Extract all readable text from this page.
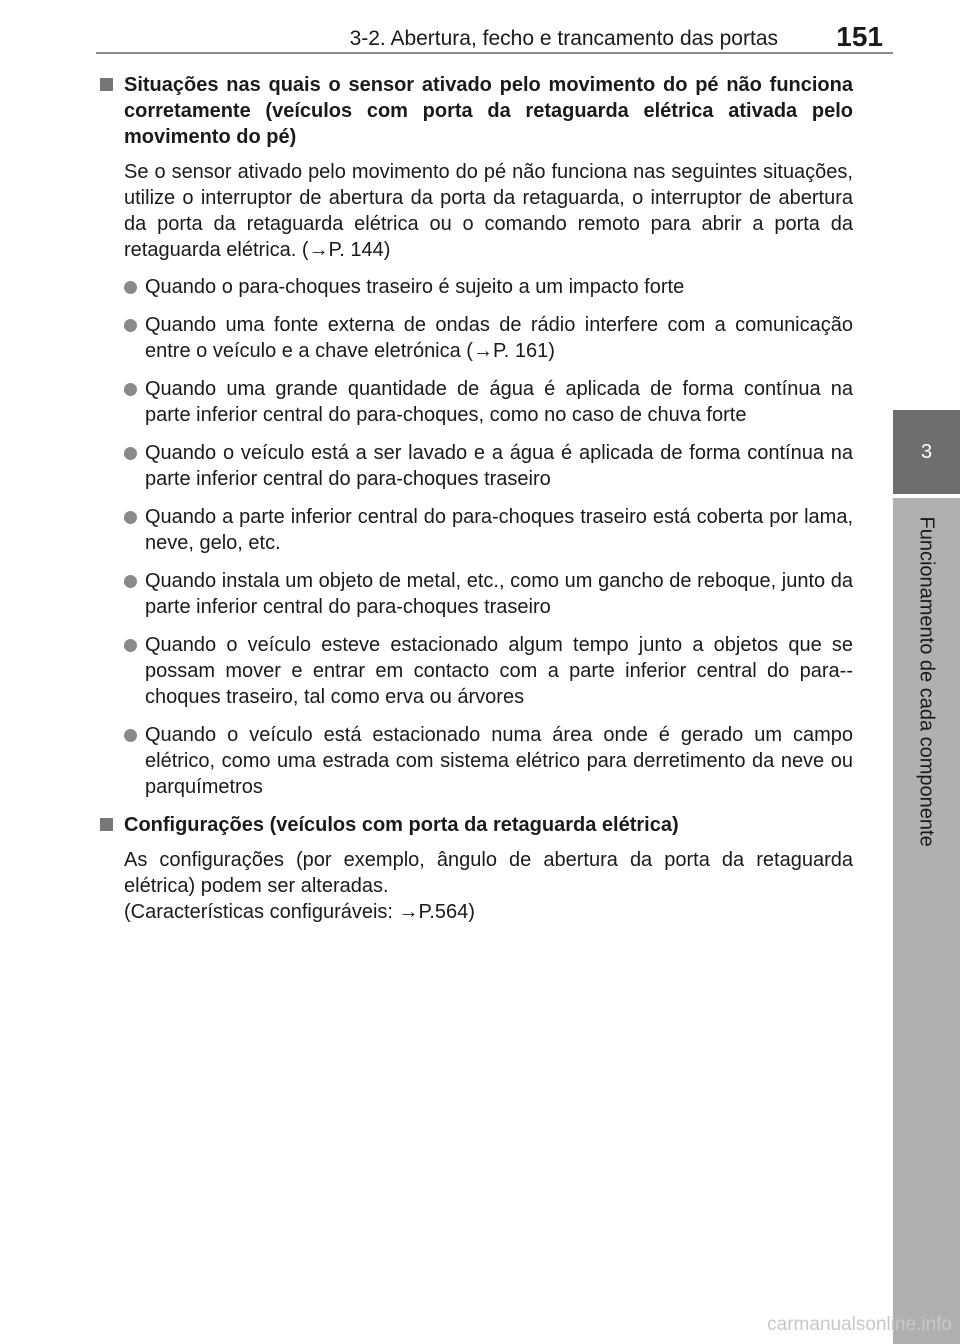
3-2. Abertura, fecho e trancamento das portas 151
3
Funcionamento de cada componente
Situações nas quais o sensor ativado pelo movimento do pé não funciona corretamente (veículos com porta da retaguarda elétrica ativada pelo movimento do pé)
Se o sensor ativado pelo movimento do pé não funciona nas seguintes situações, utilize o interruptor de abertura da porta da retaguarda, o interruptor de abertura da porta da retaguarda elétrica ou o comando remoto para abrir a porta da retaguarda elétrica. (→P. 144)
Quando o para-choques traseiro é sujeito a um impacto forte
Quando uma fonte externa de ondas de rádio interfere com a comunicação entre o veículo e a chave eletrónica (→P. 161)
Quando uma grande quantidade de água é aplicada de forma contínua na parte inferior central do para-choques, como no caso de chuva forte
Quando o veículo está a ser lavado e a água é aplicada de forma contínua na parte inferior central do para-choques traseiro
Quando a parte inferior central do para-choques traseiro está coberta por lama, neve, gelo, etc.
Quando instala um objeto de metal, etc., como um gancho de reboque, junto da parte inferior central do para-choques traseiro
Quando o veículo esteve estacionado algum tempo junto a objetos que se possam mover e entrar em contacto com a parte inferior central do para--choques traseiro, tal como erva ou árvores
Quando o veículo está estacionado numa área onde é gerado um campo elétrico, como uma estrada com sistema elétrico para derretimento da neve ou parquímetros
Configurações (veículos com porta da retaguarda elétrica)
As configurações (por exemplo, ângulo de abertura da porta da retaguarda elétrica) podem ser alteradas.
(Características configuráveis: →P.564)
carmanualsonline.info
